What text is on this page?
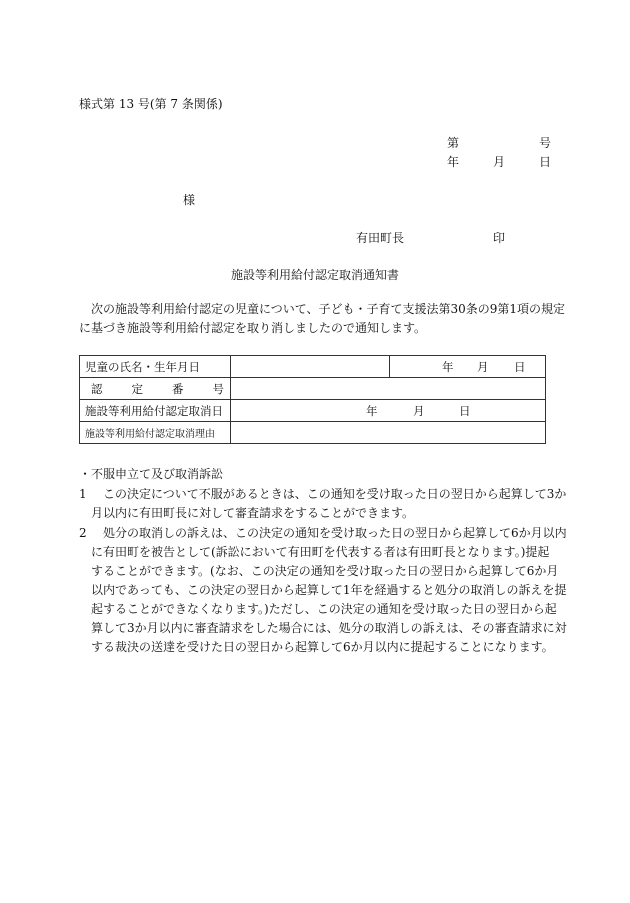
様式第 13 号(第 7 条関係)
第	号
年	月	日
様
有田町長	印
施設等利用給付認定取消通知書
次の施設等利用給付認定の児童について、子ども・子育て支援法第30条の9第1項の規定
に基づき施設等利用給付認定を取り消しましたので通知します。
児童の氏名・生年月日		年 月 日

認 定 番 号		

施設等利用給付認定取消日	年 月 日	

施設等利用給付認定取消理由		
・不服申立て及び取消訴訟
1	この決定について不服があるときは、この通知を受け取った日の翌日から起算して3か
月以内に有田町長に対して審査請求をすることができます。
2	処分の取消しの訴えは、この決定の通知を受け取った日の翌日から起算して6か月以内
に有田町を被告として(訴訟において有田町を代表する者は有田町長となります。)提起
することができます。(なお、この決定の通知を受け取った日の翌日から起算して6か月
以内であっても、この決定の翌日から起算して1年を経過すると処分の取消しの訴えを提
起することができなくなります。)ただし、この決定の通知を受け取った日の翌日から起
算して3か月以内に審査請求をした場合には、処分の取消しの訴えは、その審査請求に対
する裁決の送達を受けた日の翌日から起算して6か月以内に提起することになります。
